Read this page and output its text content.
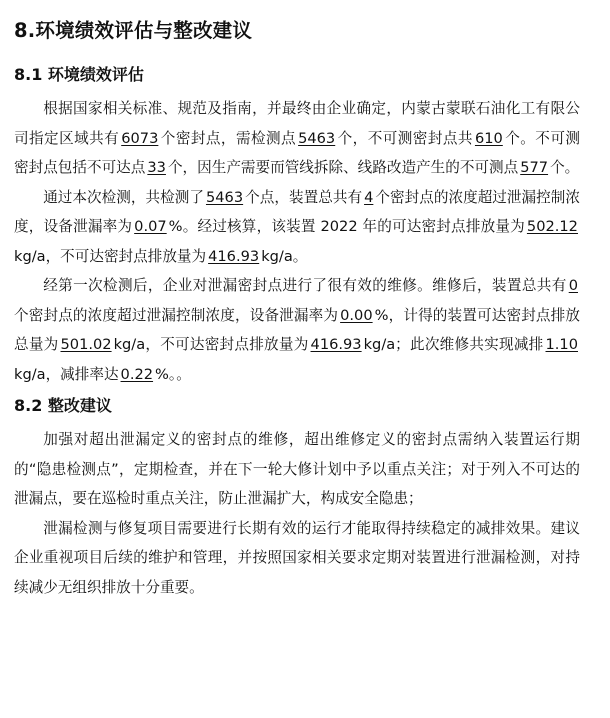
8.环境绩效评估与整改建议
8.1 环境绩效评估

根据国家相关标准、规范及指南，并最终由企业确定，内蒙古蒙联石油化工有限公司指定区域共有 6073 个密封点，需检测点 5463 个，不可测密封点共 610 个。不可测密封点包括不可达点 33 个，因生产需要而管线拆除、线路改造产生的不可测点 577 个。

通过本次检测，共检测了 5463 个点，装置总共有 4 个密封点的浓度超过泄漏控制浓度，设备泄漏率为 0.07 %。经过核算，该装置 2022 年的可达密封点排放量为 502.12kg/a，不可达密封点排放量为 416.93 kg/a。

经第一次检测后，企业对泄漏密封点进行了很有效的维修。维修后，装置总共有 0个密封点的浓度超过泄漏控制浓度，设备泄漏率为 0.00 %，计得的装置可达密封点排放总量为 501.02 kg/a，不可达密封点排放量为 416.93 kg/a；此次维修共实现减排 1.10kg/a，减排率达 0.22 %。。

8.2 整改建议

加强对超出泄漏定义的密封点的维修，超出维修定义的密封点需纳入装置运行期的“隐患检测点”，定期检查，并在下一轮大修计划中予以重点关注；对于列入不可达的泄漏点，要在巡检时重点关注，防止泄漏扩大，构成安全隐患；

泄漏检测与修复项目需要进行长期有效的运行才能取得持续稳定的减排效果。建议企业重视项目后续的维护和管理，并按照国家相关要求定期对装置进行泄漏检测，对持续减少无组织排放十分重要。
